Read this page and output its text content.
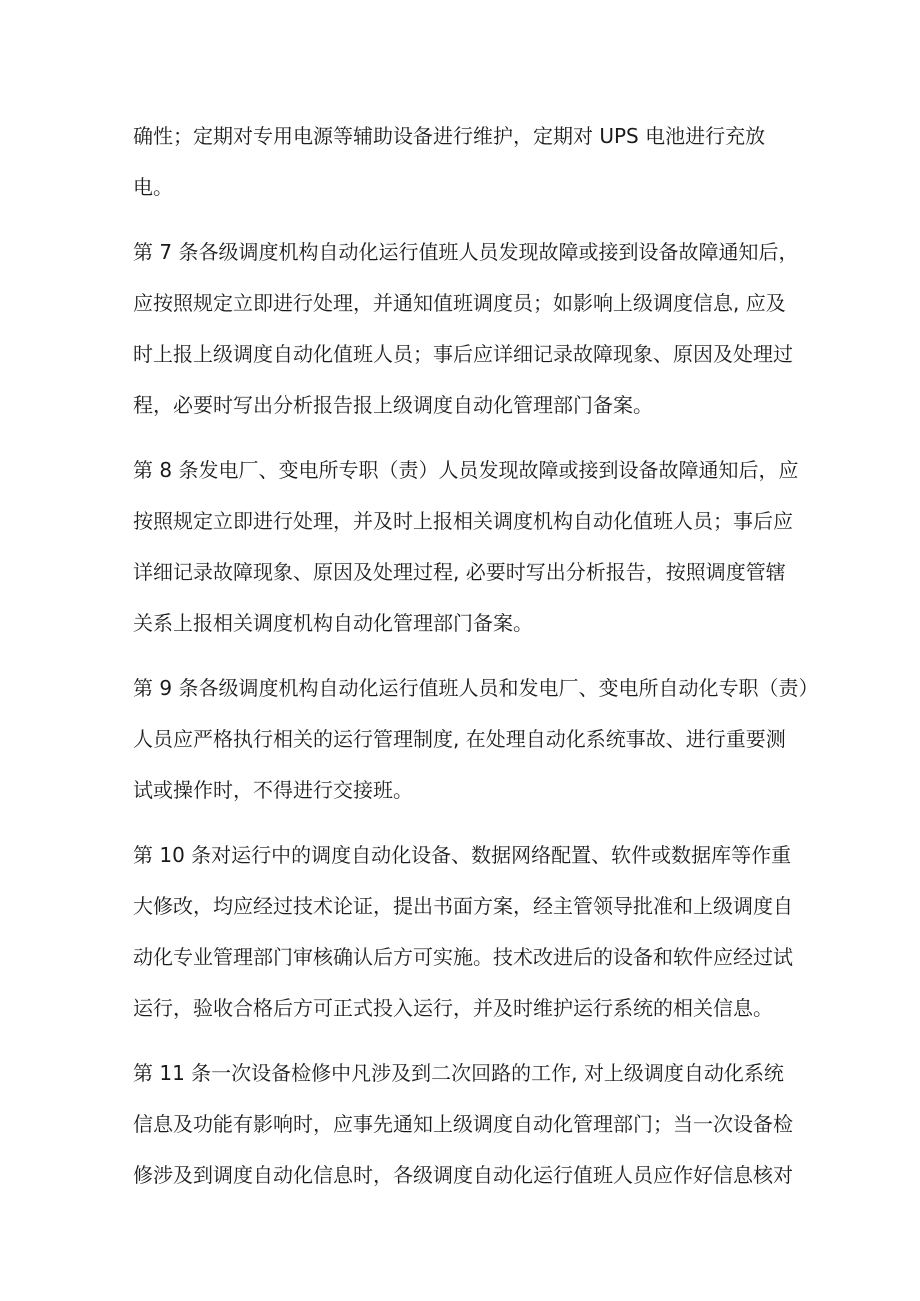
确性；定期对专用电源等辅助设备进行维护，定期对 UPS 电池进行充放
电。
第 7 条各级调度机构自动化运行值班人员发现故障或接到设备故障通知后，
应按照规定立即进行处理，并通知值班调度员；如影响上级调度信息, 应及
时上报上级调度自动化值班人员；事后应详细记录故障现象、原因及处理过
程，必要时写出分析报告报上级调度自动化管理部门备案。
第 8 条发电厂、变电所专职（责）人员发现故障或接到设备故障通知后，应
按照规定立即进行处理，并及时上报相关调度机构自动化值班人员；事后应
详细记录故障现象、原因及处理过程, 必要时写出分析报告，按照调度管辖
关系上报相关调度机构自动化管理部门备案。
第 9 条各级调度机构自动化运行值班人员和发电厂、变电所自动化专职（责）
人员应严格执行相关的运行管理制度, 在处理自动化系统事故、进行重要测
试或操作时，不得进行交接班。
第 10 条对运行中的调度自动化设备、数据网络配置、软件或数据库等作重
大修改，均应经过技术论证，提出书面方案，经主管领导批准和上级调度自
动化专业管理部门审核确认后方可实施。技术改进后的设备和软件应经过试
运行，验收合格后方可正式投入运行，并及时维护运行系统的相关信息。
第 11 条一次设备检修中凡涉及到二次回路的工作, 对上级调度自动化系统
信息及功能有影响时，应事先通知上级调度自动化管理部门；当一次设备检
修涉及到调度自动化信息时，各级调度自动化运行值班人员应作好信息核对
